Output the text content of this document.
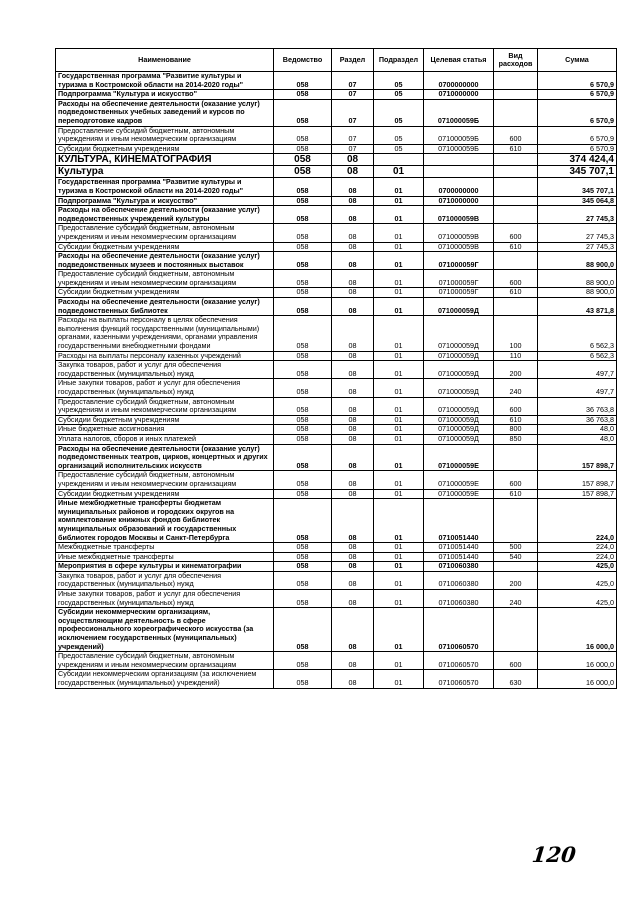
Наименование	Ведомство	Раздел	Подраздел	Целевая статья	Вид расходов	Сумма
Государственная программа "Развитие культуры и туризма в Костромской области на 2014-2020 годы"	058	07	05	0700000000		6 570,9
Подпрограмма "Культура и искусство"	058	07	05	0710000000		6 570,9
Расходы на обеспечение деятельности (оказание услуг) подведомственных учебных заведений и курсов по переподготовке кадров	058	07	05	071000059Б		6 570,9
Предоставление субсидий бюджетным, автономным учреждениям и иным некоммерческим организациям	058	07	05	071000059Б	600	6 570,9
Субсидии бюджетным учреждениям	058	07	05	071000059Б	610	6 570,9
КУЛЬТУРА, КИНЕМАТОГРАФИЯ	058	08				374 424,4
Культура	058	08	01			345 707,1
Государственная программа "Развитие культуры и туризма в Костромской области на 2014-2020 годы"	058	08	01	0700000000		345 707,1
Подпрограмма "Культура и искусство"	058	08	01	0710000000		345 064,8
Расходы на обеспечение деятельности (оказание услуг) подведомственных учреждений культуры	058	08	01	071000059В		27 745,3
Предоставление субсидий бюджетным, автономным учреждениям и иным некоммерческим организациям	058	08	01	071000059В	600	27 745,3
Субсидии бюджетным учреждениям	058	08	01	071000059В	610	27 745,3
Расходы на обеспечение деятельности (оказание услуг) подведомственных музеев и постоянных выставок	058	08	01	071000059Г		88 900,0
Предоставление субсидий бюджетным, автономным учреждениям и иным некоммерческим организациям	058	08	01	071000059Г	600	88 900,0
Субсидии бюджетным учреждениям	058	08	01	071000059Г	610	88 900,0
Расходы на обеспечение деятельности (оказание услуг) подведомственных библиотек	058	08	01	071000059Д		43 871,8
Расходы на выплаты персоналу в целях обеспечения выполнения функций государственными (муниципальными) органами, казенными учреждениями, органами управления государственными внебюджетными фондами	058	08	01	071000059Д	100	6 562,3
Расходы на выплаты персоналу казенных учреждений	058	08	01	071000059Д	110	6 562,3
Закупка товаров, работ и услуг для обеспечения государственных (муниципальных) нужд	058	08	01	071000059Д	200	497,7
Иные закупки товаров, работ и услуг для обеспечения государственных (муниципальных) нужд	058	08	01	071000059Д	240	497,7
Предоставление субсидий бюджетным, автономным учреждениям и иным некоммерческим организациям	058	08	01	071000059Д	600	36 763,8
Субсидии бюджетным учреждениям	058	08	01	071000059Д	610	36 763,8
Иные бюджетные ассигнования	058	08	01	071000059Д	800	48,0
Уплата налогов, сборов и иных платежей	058	08	01	071000059Д	850	48,0
Расходы на обеспечение деятельности (оказание услуг) подведомственных театров, цирков, концертных и других организаций исполнительских искусств	058	08	01	071000059Е		157 898,7
Предоставление субсидий бюджетным, автономным учреждениям и иным некоммерческим организациям	058	08	01	071000059Е	600	157 898,7
Субсидии бюджетным учреждениям	058	08	01	071000059Е	610	157 898,7
Иные межбюджетные трансферты бюджетам муниципальных районов и городских округов на комплектование книжных фондов библиотек муниципальных образований и государственных библиотек городов Москвы и Санкт-Петербурга	058	08	01	0710051440		224,0
Межбюджетные трансферты	058	08	01	0710051440	500	224,0
Иные межбюджетные трансферты	058	08	01	0710051440	540	224,0
Мероприятия в сфере культуры и кинематографии	058	08	01	0710060380		425,0
Закупка товаров, работ и услуг для обеспечения государственных (муниципальных) нужд	058	08	01	0710060380	200	425,0
Иные закупки товаров, работ и услуг для обеспечения государственных (муниципальных) нужд	058	08	01	0710060380	240	425,0
Субсидии некоммерческим организациям, осуществляющим деятельность в сфере профессионального хореографического искусства (за исключением государственных (муниципальных) учреждений)	058	08	01	0710060570		16 000,0
Предоставление субсидий бюджетным, автономным учреждениям и иным некоммерческим организациям	058	08	01	0710060570	600	16 000,0
Субсидии некоммерческим организациям (за исключением государственных (муниципальных) учреждений)	058	08	01	0710060570	630	16 000,0
120
